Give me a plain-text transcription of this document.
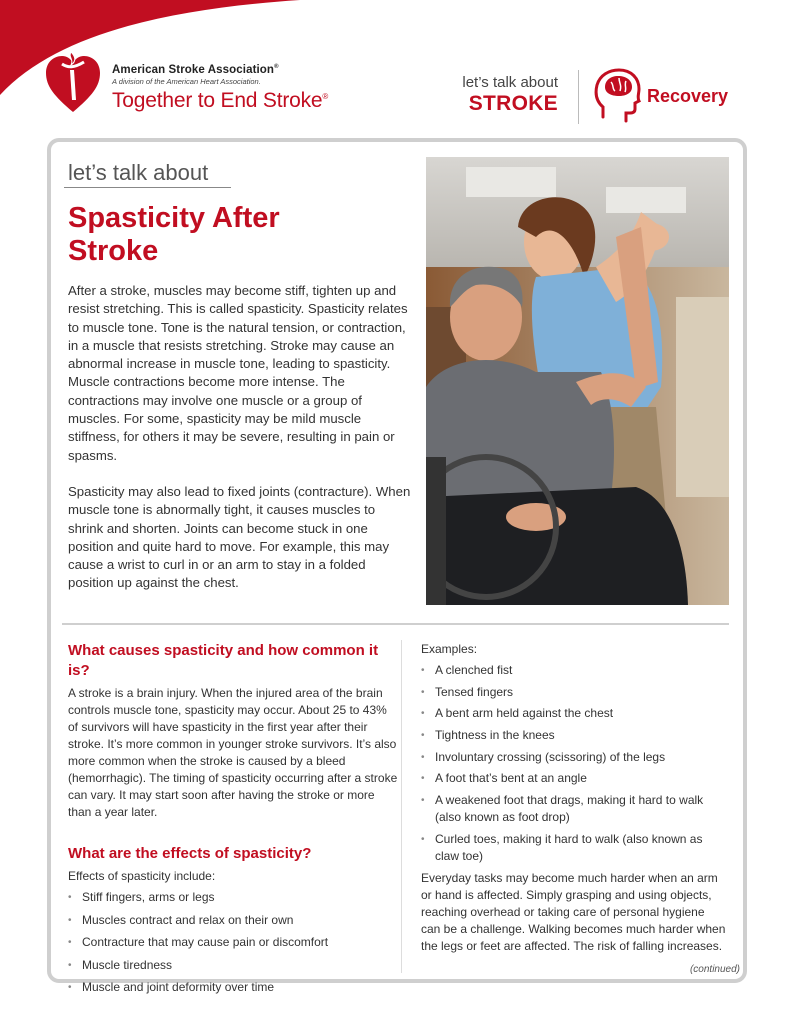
American Stroke Association®
A division of the American Heart Association.
Together to End Stroke®
let’s talk about
STROKE	Recovery
let’s talk about
Spasticity After
Stroke

After a stroke, muscles may become stiff, tighten up and resist stretching. This is called spasticity. Spasticity relates to muscle tone. Tone is the natural tension, or contraction, in a muscle that resists stretching. Stroke may cause an abnormal increase in muscle tone, leading to spasticity. Muscle contractions become more intense. The contractions may involve one muscle or a group of muscles. For some, spasticity may be mild muscle stiffness, for others it may be severe, resulting in pain or spasms.

Spasticity may also lead to fixed joints (contracture). When muscle tone is abnormally tight, it causes muscles to shrink and shorten. Joints can become stuck in one position and quite hard to move. For example, this may cause a wrist to curl in or an arm to stay in a folded position up against the chest.

What causes spasticity and how common it is?

A stroke is a brain injury. When the injured area of the brain controls muscle tone, spasticity may occur. About 25 to 43% of survivors will have spasticity in the first year after their stroke. It’s more common in younger stroke survivors. It’s also more common when the stroke is caused by a bleed (hemorrhagic). The timing of spasticity occurring after a stroke can vary. It may start soon after having the stroke or more than a year later.

What are the effects of spasticity?

Effects of spasticity include:

• Stiff fingers, arms or legs
• Muscles contract and relax on their own
• Contracture that may cause pain or discomfort
• Muscle tiredness
• Muscle and joint deformity over time

Examples:

• A clenched fist
• Tensed fingers
• A bent arm held against the chest
• Tightness in the knees
• Involuntary crossing (scissoring) of the legs
• A foot that’s bent at an angle
• A weakened foot that drags, making it hard to walk (also known as foot drop)
• Curled toes, making it hard to walk (also known as claw toe)

Everyday tasks may become much harder when an arm or hand is affected. Simply grasping and using objects, reaching overhead or taking care of personal hygiene can be a challenge. Walking becomes much harder when the legs or feet are affected. The risk of falling increases.

(continued)
